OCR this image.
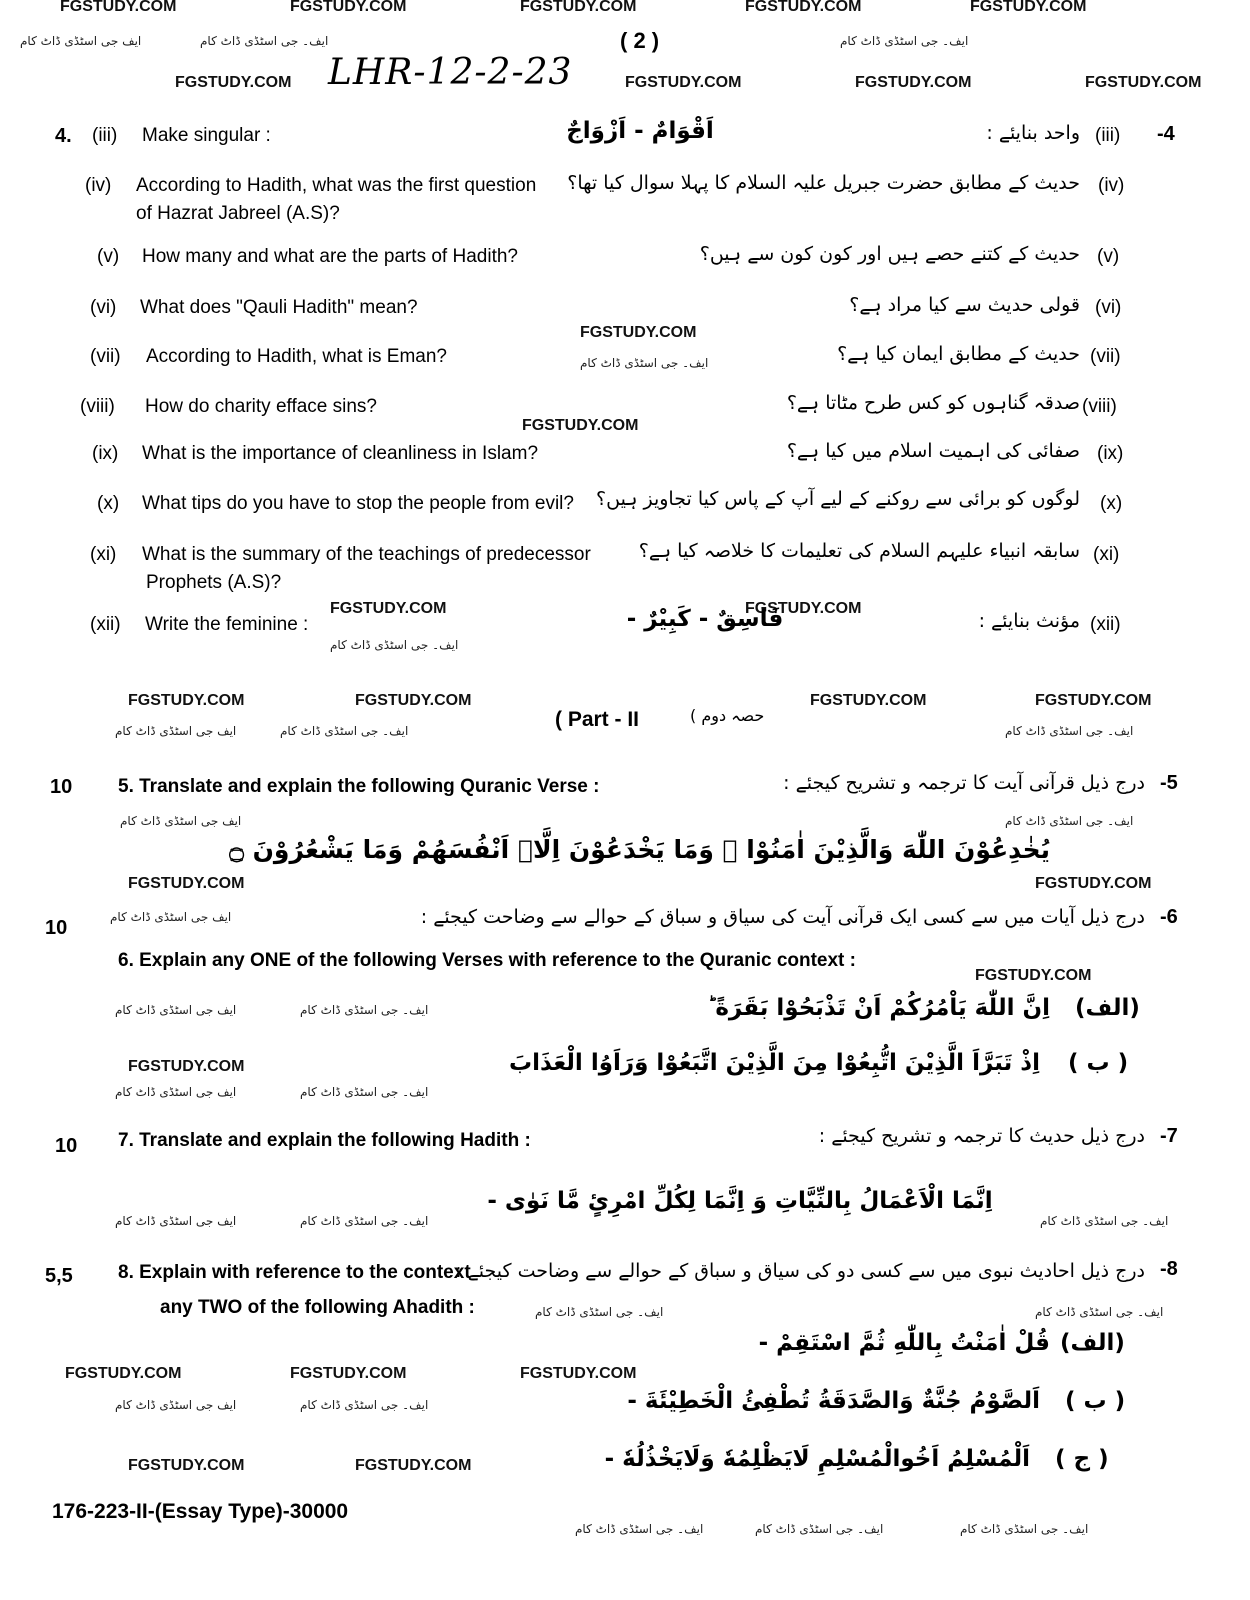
FGSTUDY.COM	FGSTUDY.COM	FGSTUDY.COM	FGSTUDY.COM	FGSTUDY.COM
ایف جی اسٹڈی ڈاٹ کام	ایف۔ جی اسٹڈی ڈاٹ کام	( 2 )	ایف۔ جی اسٹڈی ڈاٹ کام
FGSTUDY.COM LHR-12-2-23	FGSTUDY.COM	FGSTUDY.COM	FGSTUDY.COM
4. (iii) Make singular :	اَقْوَامٌ - اَزْوَاجٌ	واحد بنایئے : (iii) -4
(iv) According to Hadith, what was the first question
of Hazrat Jabreel (A.S)?
حدیث کے مطابق حضرت جبریل علیہ السلام کا پہلا سوال کیا تھا؟ (iv)
(v) How many and what are the parts of Hadith?	حدیث کے کتنے حصے ہیں اور کون کون سے ہیں؟ (v)
(vi) What does "Qauli Hadith" mean?	قولی حدیث سے کیا مراد ہے؟ (vi)
FGSTUDY.COM
(vii) According to Hadith, what is Eman?	ایف۔ جی اسٹڈی ڈاٹ کام	حدیث کے مطابق ایمان کیا ہے؟ (vii)
(viii) How do charity efface sins?	صدقہ گناہوں کو کس طرح مٹاتا ہے؟ (viii)
FGSTUDY.COM
(ix) What is the importance of cleanliness in Islam?	صفائی کی اہمیت اسلام میں کیا ہے؟ (ix)
(x) What tips do you have to stop the people from evil? لوگوں کو برائی سے روکنے کے لیے آپ کے پاس کیا تجاویز ہیں؟ (x)
(xi) What is the summary of the teachings of predecessor
Prophets (A.S)?
سابقہ انبیاء علیہم السلام کی تعلیمات کا خلاصہ کیا ہے؟ (xi)
FGSTUDY.COM	FGSTUDY.COM
(xii) Write the feminine :	فَاسِقٌ - کَبِیْرٌ -	مؤنث بنایئے : (xii)
ایف۔ جی اسٹڈی ڈاٹ کام
FGSTUDY.COM	FGSTUDY.COM	FGSTUDY.COM	FGSTUDY.COM
( Part - II	حصہ دوم )
ایف جی اسٹڈی ڈاٹ کام	ایف۔ جی اسٹڈی ڈاٹ کام	ایف۔ جی اسٹڈی ڈاٹ کام
10 5. Translate and explain the following Quranic Verse :	درج ذیل قرآنی آیت کا ترجمہ و تشریح کیجئے : -5
ایف جی اسٹڈی ڈاٹ کام	ایف۔ جی اسٹڈی ڈاٹ کام
یُخٰدِعُوْنَ اللّٰهَ وَالَّذِیْنَ اٰمَنُوْا ۚ وَمَا یَخْدَعُوْنَ اِلَّاۤ اَنْفُسَهُمْ وَمَا یَشْعُرُوْنَ ۝
FGSTUDY.COM	FGSTUDY.COM
10	ایف جی اسٹڈی ڈاٹ کام	درج ذیل آیات میں سے کسی ایک قرآنی آیت کی سیاق و سباق کے حوالے سے وضاحت کیجئے : -6
6. Explain any ONE of the following Verses with reference to the Quranic context :
FGSTUDY.COM
ایف جی اسٹڈی ڈاٹ کام	ایف۔ جی اسٹڈی ڈاٹ کام	اِنَّ اللّٰهَ یَاْمُرُكُمْ اَنْ تَذْبَحُوْا بَقَرَةً ؕ (الف)
FGSTUDY.COM	اِذْ تَبَرَّاَ الَّذِیْنَ اتُّبِعُوْا مِنَ الَّذِیْنَ اتَّبَعُوْا وَرَاَوُا الْعَذَابَ ( ب )
ایف جی اسٹڈی ڈاٹ کام	ایف۔ جی اسٹڈی ڈاٹ کام
10 7. Translate and explain the following Hadith :	درج ذیل حدیث کا ترجمہ و تشریح کیجئے : -7
اِنَّمَا الْاَعْمَالُ بِالنِّیَّاتِ وَ اِنَّمَا لِكُلِّ امْرِئٍ مَّا نَوٰی -
ایف جی اسٹڈی ڈاٹ کام	ایف۔ جی اسٹڈی ڈاٹ کام	ایف۔ جی اسٹڈی ڈاٹ کام
5,5 8. Explain with reference to the context
any TWO of the following Ahadith :
درج ذیل احادیث نبوی میں سے کسی دو کی سیاق و سباق کے حوالے سے وضاحت کیجئے : -8
ایف۔ جی اسٹڈی ڈاٹ کام	ایف۔ جی اسٹڈی ڈاٹ کام
قُلْ اٰمَنْتُ بِاللّٰهِ ثُمَّ اسْتَقِمْ - (الف)
FGSTUDY.COM	FGSTUDY.COM	FGSTUDY.COM
ایف جی اسٹڈی ڈاٹ کام	ایف۔ جی اسٹڈی ڈاٹ کام	اَلصَّوْمُ جُنَّةٌ وَالصَّدَقَةُ تُطْفِئُ الْخَطِیْئَةَ - ( ب )
FGSTUDY.COM	FGSTUDY.COM	اَلْمُسْلِمُ اَخُوالْمُسْلِمِ لَایَظْلِمُهٗ وَلَایَخْذُلُهٗ - ( ج )
176-223-II-(Essay Type)-30000
ایف۔ جی اسٹڈی ڈاٹ کام	ایف۔ جی اسٹڈی ڈاٹ کام	ایف۔ جی اسٹڈی ڈاٹ کام
